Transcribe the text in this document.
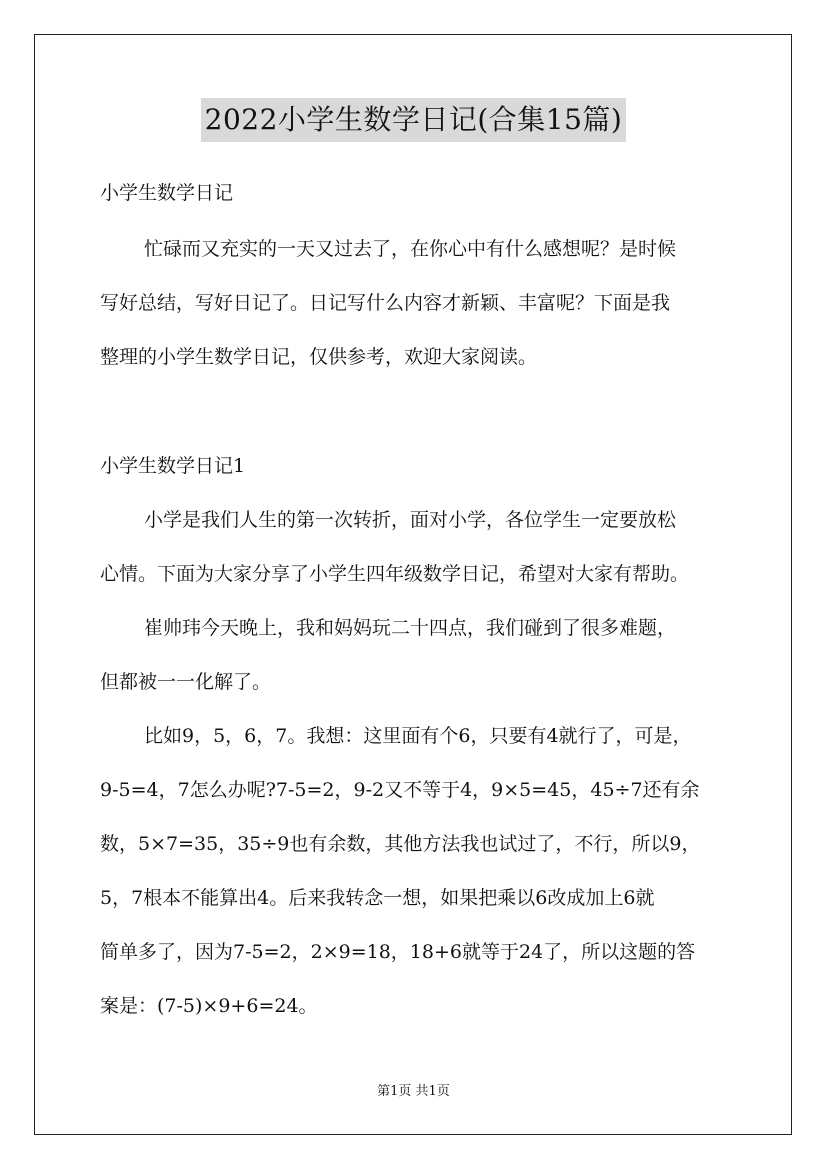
2022小学生数学日记(合集15篇)
小学生数学日记
忙碌而又充实的一天又过去了，在你心中有什么感想呢？是时候
写好总结，写好日记了。日记写什么内容才新颖、丰富呢？下面是我
整理的小学生数学日记，仅供参考，欢迎大家阅读。
小学生数学日记1
小学是我们人生的第一次转折，面对小学，各位学生一定要放松
心情。下面为大家分享了小学生四年级数学日记，希望对大家有帮助。
崔帅玮今天晚上，我和妈妈玩二十四点，我们碰到了很多难题，
但都被一一化解了。
比如9，5，6，7。我想：这里面有个6，只要有4就行了，可是，
9-5=4，7怎么办呢?7-5=2，9-2又不等于4，9×5=45，45÷7还有余
数，5×7=35，35÷9也有余数，其他方法我也试过了，不行，所以9，
5，7根本不能算出4。后来我转念一想，如果把乘以6改成加上6就
简单多了，因为7-5=2，2×9=18，18+6就等于24了，所以这题的答
案是：(7-5)×9+6=24。
第1页 共1页
